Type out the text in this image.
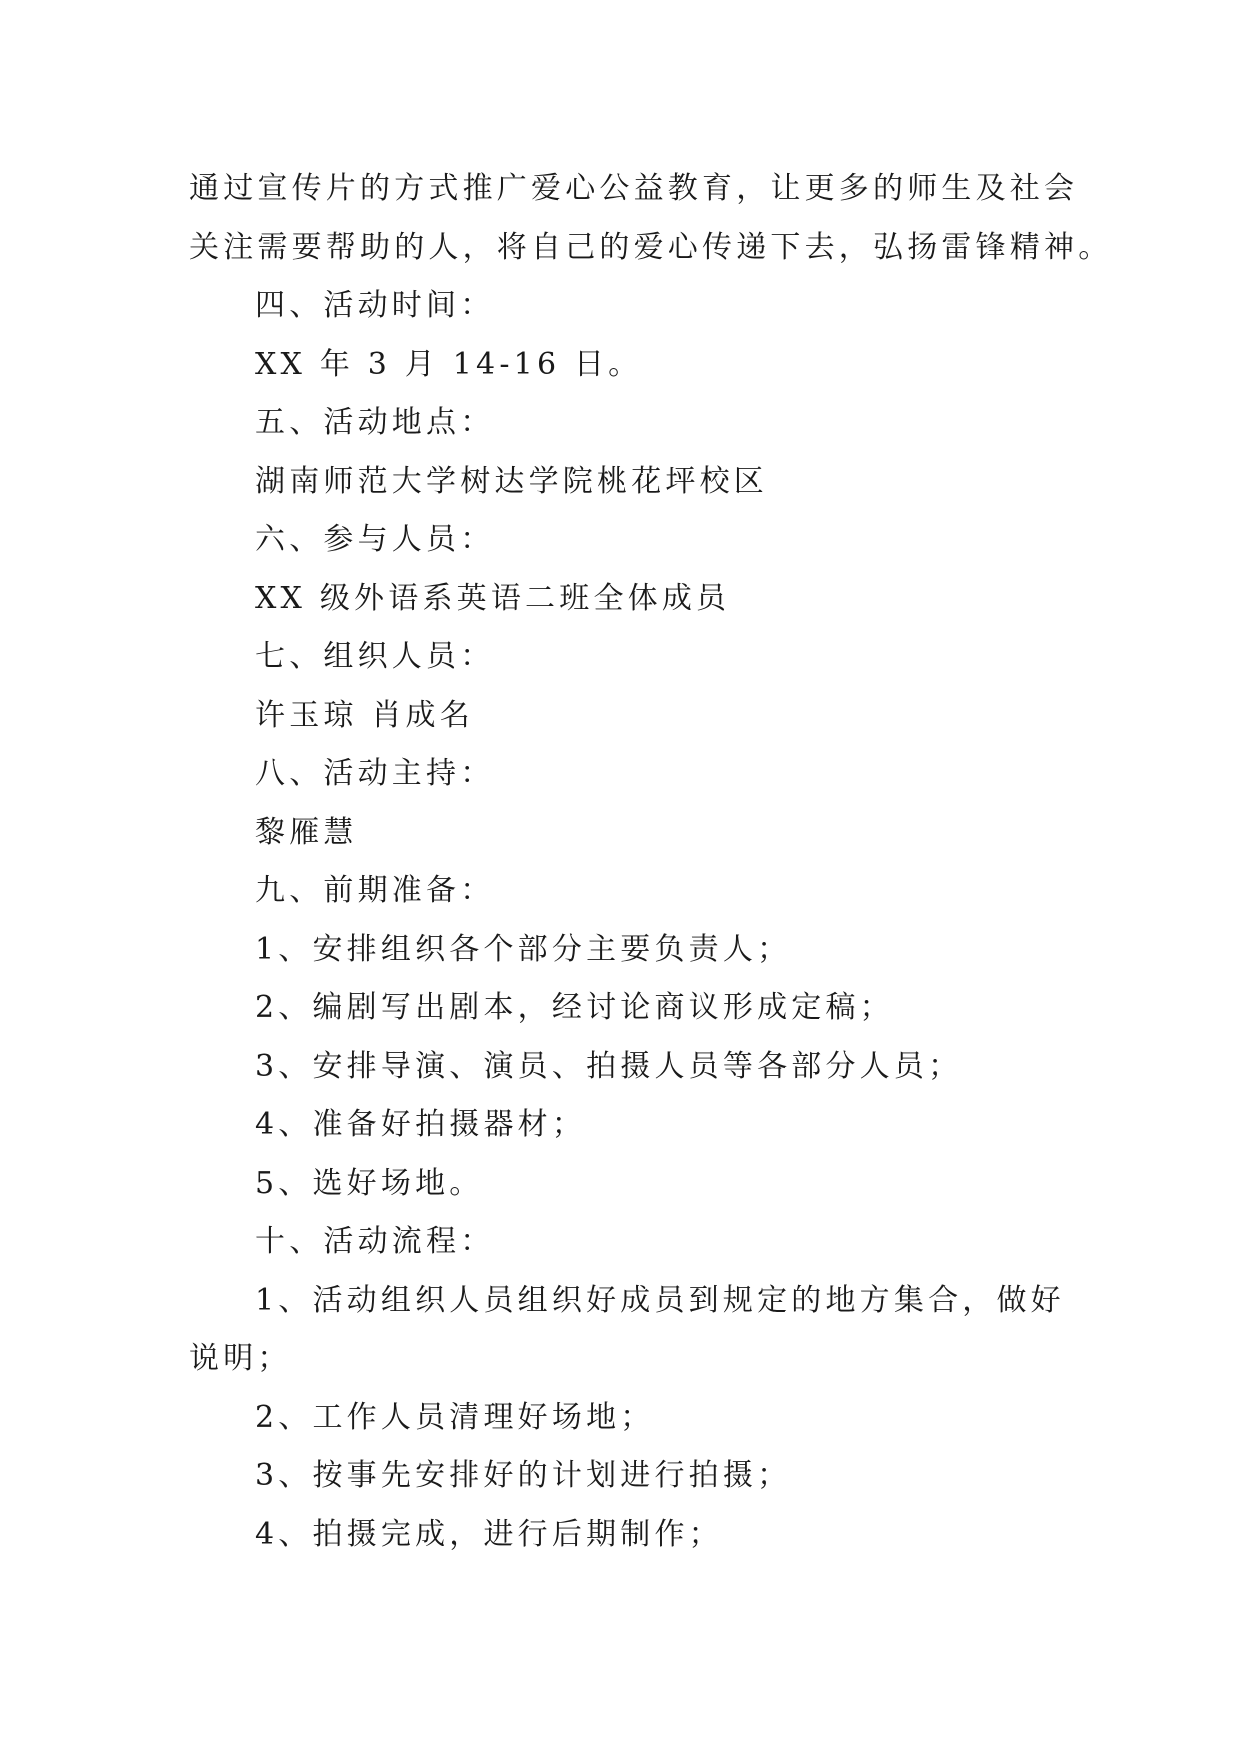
通过宣传片的方式推广爱心公益教育，让更多的师生及社会

关注需要帮助的人，将自己的爱心传递下去，弘扬雷锋精神。

四、活动时间：

XX 年 3 月 14-16 日。

五、活动地点：

湖南师范大学树达学院桃花坪校区

六、参与人员：

XX 级外语系英语二班全体成员

七、组织人员：

许玉琼 肖成名

八、活动主持：

黎雁慧

九、前期准备：

1、安排组织各个部分主要负责人；

2、编剧写出剧本，经讨论商议形成定稿；

3、安排导演、演员、拍摄人员等各部分人员；

4、准备好拍摄器材；

5、选好场地。

十、活动流程：

1、活动组织人员组织好成员到规定的地方集合，做好

说明；

2、工作人员清理好场地；

3、按事先安排好的计划进行拍摄；

4、拍摄完成，进行后期制作；
